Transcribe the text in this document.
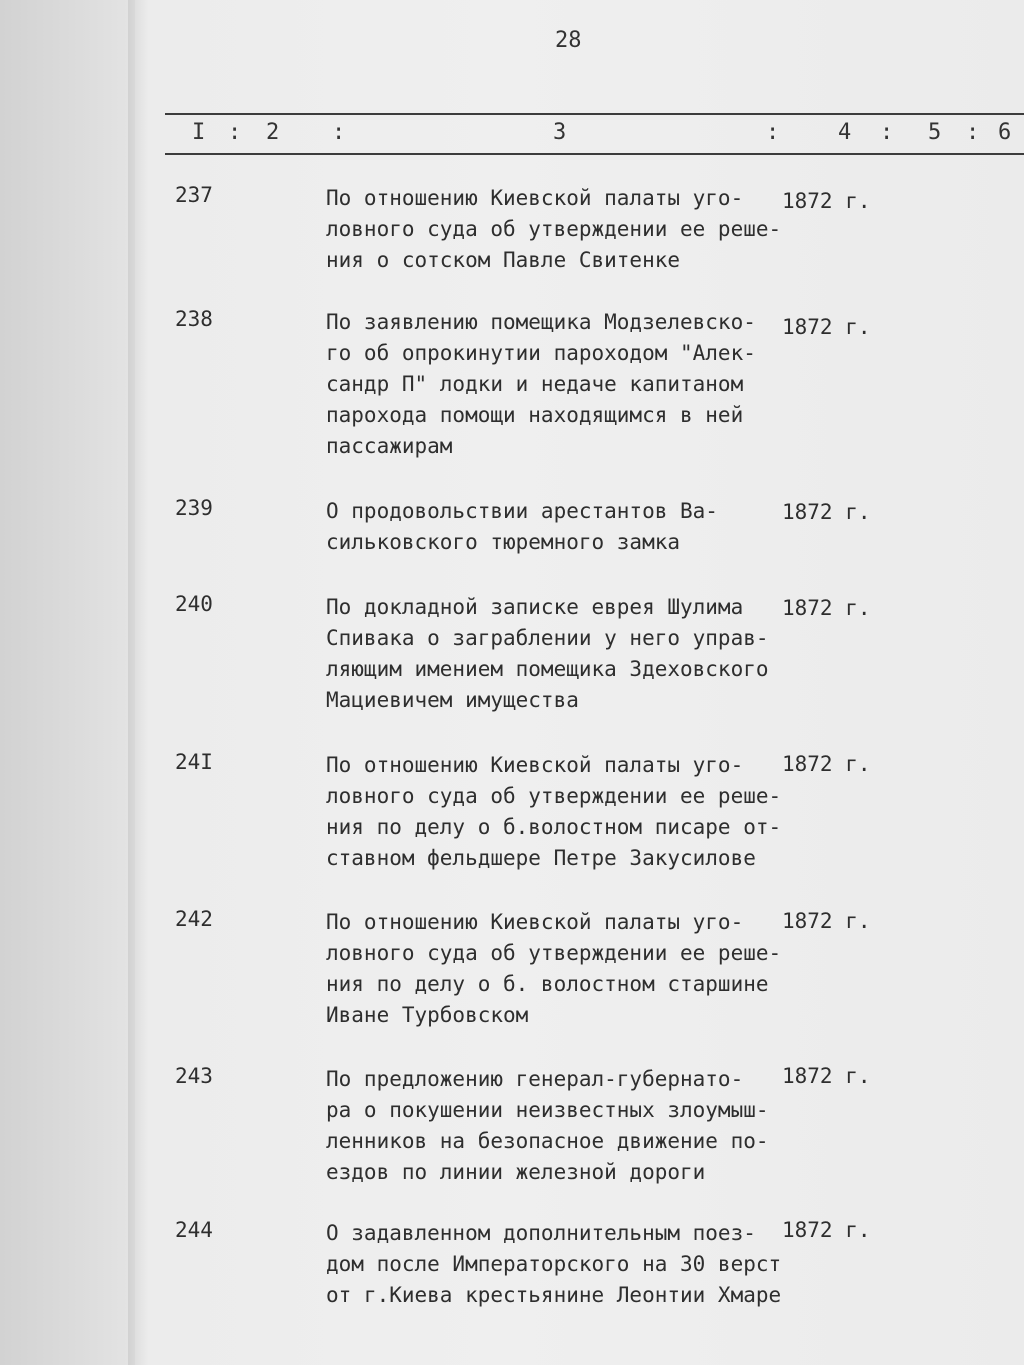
28
I : 2 :	3	:	4 : 5 : 6
237	По отношению Киевской палаты уго-
ловного суда об утверждении ее реше-
ния о сотском Павле Свитенке
1872 г.
238	По заявлению помещика Модзелевско-
го об опрокинутии пароходом "Алек-
сандр П" лодки и недаче капитаном
парохода помощи находящимся в ней
пассажирам
1872 г.
239	О продовольствии арестантов Ва-
сильковского тюремного замка
1872 г.
240	По докладной записке еврея Шулима
Спивака о заграблении у него управ-
ляющим имением помещика Здеховского
Мациевичем имущества
1872 г.
24I	По отношению Киевской палаты уго-
ловного суда об утверждении ее реше-
ния по делу о б.волостном писаре от-
ставном фельдшере Петре Закусилове
1872 г.
242	По отношению Киевской палаты уго-
ловного суда об утверждении ее реше-
ния по делу о б. волостном старшине
Иване Турбовском
1872 г.
243	По предложению генерал-губернато-
ра о покушении неизвестных злоумыш-
ленников на безопасное движение по-
ездов по линии железной дороги
1872 г.
244	О задавленном дополнительным поез-
дом после Императорского на 30 верст
от г.Киева крестьянине Леонтии Хмаре
1872 г.
